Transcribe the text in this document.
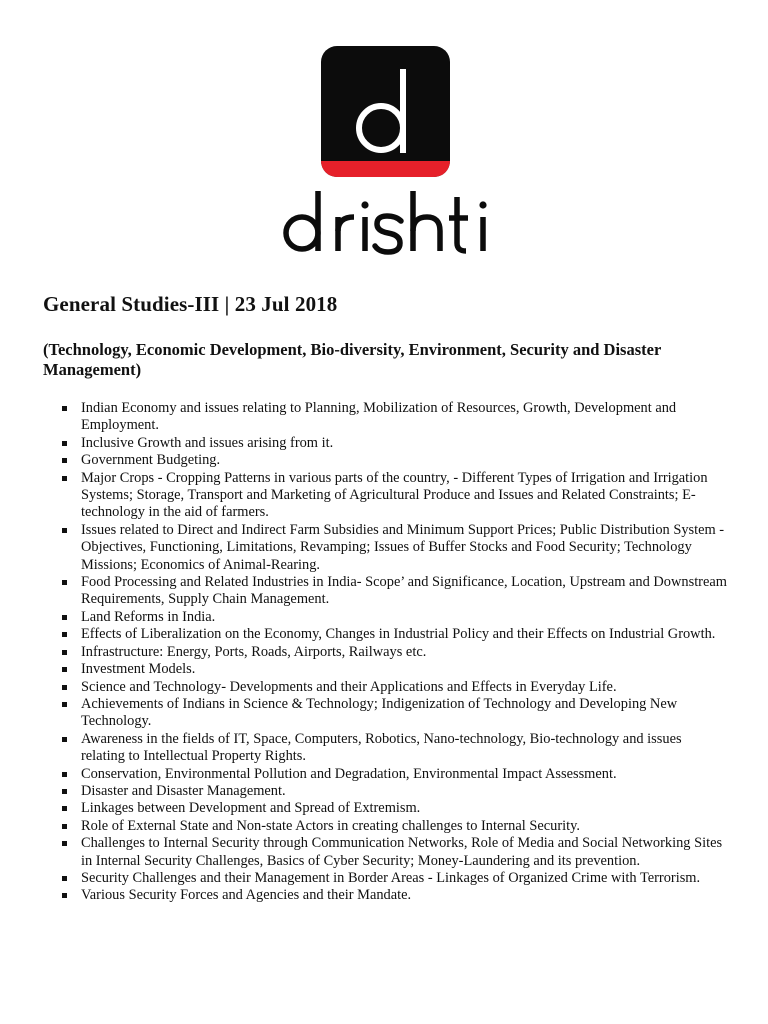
General Studies-III | 23 Jul 2018
(Technology, Economic Development, Bio-diversity, Environment, Security and Disaster Management)
Indian Economy and issues relating to Planning, Mobilization of Resources, Growth, Development and Employment.
Inclusive Growth and issues arising from it.
Government Budgeting.
Major Crops - Cropping Patterns in various parts of the country, - Different Types of Irrigation and Irrigation Systems; Storage, Transport and Marketing of Agricultural Produce and Issues and Related Constraints; E-technology in the aid of farmers.
Issues related to Direct and Indirect Farm Subsidies and Minimum Support Prices; Public Distribution System - Objectives, Functioning, Limitations, Revamping; Issues of Buffer Stocks and Food Security; Technology Missions; Economics of Animal-Rearing.
Food Processing and Related Industries in India- Scope’ and Significance, Location, Upstream and Downstream Requirements, Supply Chain Management.
Land Reforms in India.
Effects of Liberalization on the Economy, Changes in Industrial Policy and their Effects on Industrial Growth.
Infrastructure: Energy, Ports, Roads, Airports, Railways etc.
Investment Models.
Science and Technology- Developments and their Applications and Effects in Everyday Life.
Achievements of Indians in Science & Technology; Indigenization of Technology and Developing New Technology.
Awareness in the fields of IT, Space, Computers, Robotics, Nano-technology, Bio-technology and issues relating to Intellectual Property Rights.
Conservation, Environmental Pollution and Degradation, Environmental Impact Assessment.
Disaster and Disaster Management.
Linkages between Development and Spread of Extremism.
Role of External State and Non-state Actors in creating challenges to Internal Security.
Challenges to Internal Security through Communication Networks, Role of Media and Social Networking Sites in Internal Security Challenges, Basics of Cyber Security; Money-Laundering and its prevention.
Security Challenges and their Management in Border Areas - Linkages of Organized Crime with Terrorism.
Various Security Forces and Agencies and their Mandate.
